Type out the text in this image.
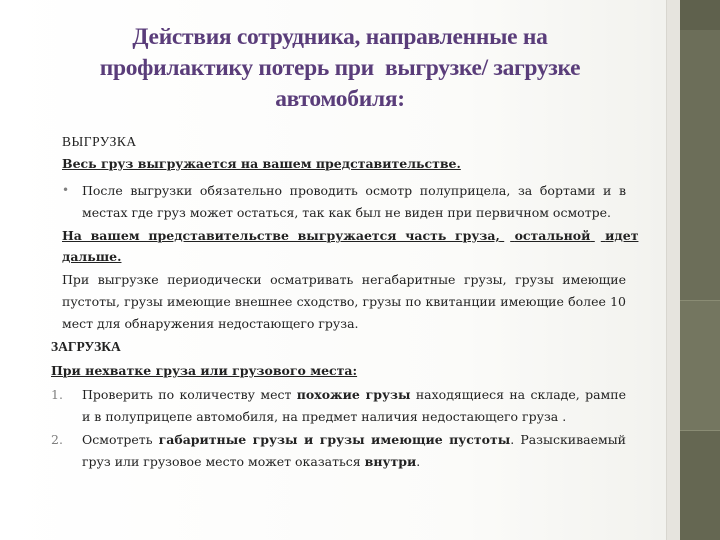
Действия сотрудника, направленные на
профилактику потерь при  выгрузке/ загрузке
автомобиля:
ВЫГРУЗКА
Весь груз выгружается на вашем представительстве.
• После выгрузки обязательно проводить осмотр полуприцела, за бортами и в местах где груз может остаться, так как был не виден при первичном осмотре.
На  вашем  представительстве  выгружается  часть  груза, остальной идет
дальше.
При выгрузке периодически осматривать негабаритные грузы, грузы имеющие пустоты, грузы имеющие внешнее сходство, грузы по квитанции имеющие более 10 мест для обнаружения недостающего груза.
ЗАГРУЗКА
При нехватке груза или грузового места:
1. Проверить по количеству мест похожие грузы находящиеся на складе, рампе и в полуприцепе автомобиля, на предмет наличия недостающего груза .
2. Осмотреть габаритные грузы и грузы имеющие пустоты. Разыскиваемый груз или грузовое место может оказаться внутри.
